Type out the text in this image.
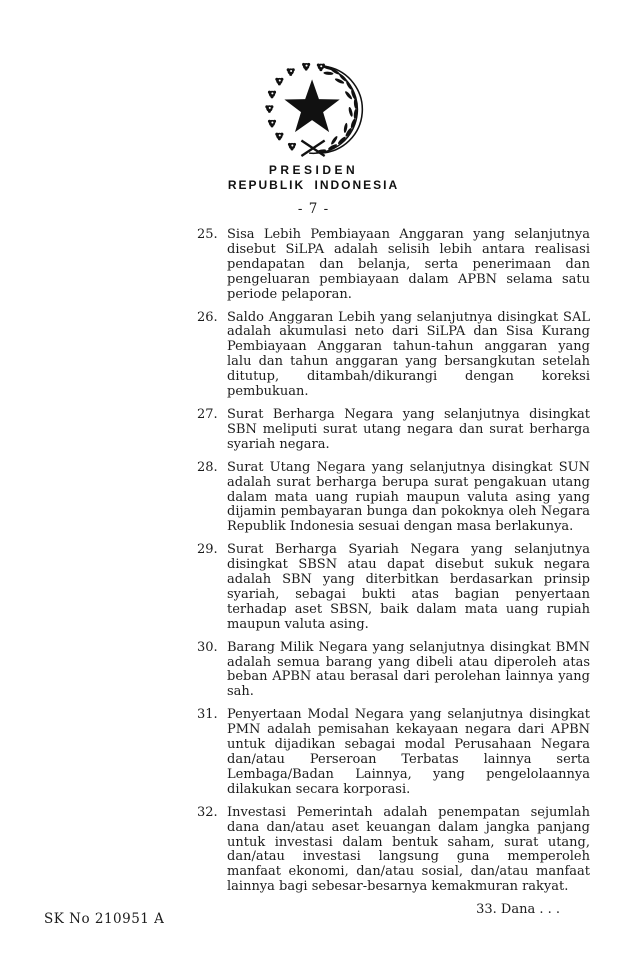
PRESIDEN
REPUBLIK INDONESIA
- 7 -
25. Sisa Lebih Pembiayaan Anggaran yang selanjutnya disebut SiLPA adalah selisih lebih antara realisasi pendapatan dan belanja, serta penerimaan dan pengeluaran pembiayaan dalam APBN selama satu periode pelaporan.

26. Saldo Anggaran Lebih yang selanjutnya disingkat SAL adalah akumulasi neto dari SiLPA dan Sisa Kurang Pembiayaan Anggaran tahun-tahun anggaran yang lalu dan tahun anggaran yang bersangkutan setelah ditutup, ditambah/dikurangi dengan koreksi pembukuan.

27. Surat Berharga Negara yang selanjutnya disingkat SBN meliputi surat utang negara dan surat berharga syariah negara.

28. Surat Utang Negara yang selanjutnya disingkat SUN adalah surat berharga berupa surat pengakuan utang dalam mata uang rupiah maupun valuta asing yang dijamin pembayaran bunga dan pokoknya oleh Negara Republik Indonesia sesuai dengan masa berlakunya.

29. Surat Berharga Syariah Negara yang selanjutnya disingkat SBSN atau dapat disebut sukuk negara adalah SBN yang diterbitkan berdasarkan prinsip syariah, sebagai bukti atas bagian penyertaan terhadap aset SBSN, baik dalam mata uang rupiah maupun valuta asing.

30. Barang Milik Negara yang selanjutnya disingkat BMN adalah semua barang yang dibeli atau diperoleh atas beban APBN atau berasal dari perolehan lainnya yang sah.

31. Penyertaan Modal Negara yang selanjutnya disingkat PMN adalah pemisahan kekayaan negara dari APBN untuk dijadikan sebagai modal Perusahaan Negara dan/atau Perseroan Terbatas lainnya serta Lembaga/Badan Lainnya, yang pengelolaannya dilakukan secara korporasi.

32. Investasi Pemerintah adalah penempatan sejumlah dana dan/atau aset keuangan dalam jangka panjang untuk investasi dalam bentuk saham, surat utang, dan/atau investasi langsung guna memperoleh manfaat ekonomi, dan/atau sosial, dan/atau manfaat lainnya bagi sebesar-besarnya kemakmuran rakyat.

33. Dana . . .
SK No 210951 A
